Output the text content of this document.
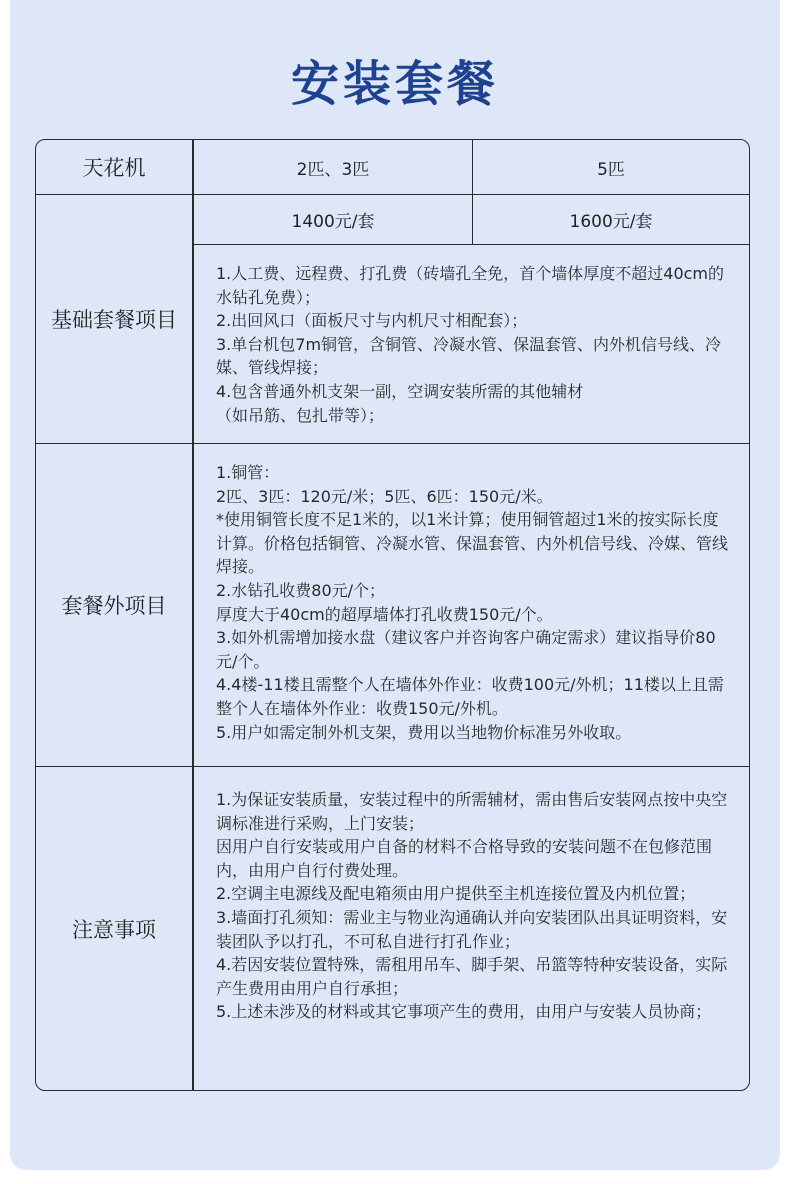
安装套餐
天花机	2匹、3匹	5匹
1400元/套	1600元/套
基础套餐项目
1.人工费、远程费、打孔费（砖墙孔全免，首个墙体厚度不超过40cm的水钻孔免费）；
2.出回风口（面板尺寸与内机尺寸相配套）；
3.单台机包7m铜管，含铜管、冷凝水管、保温套管、内外机信号线、冷媒、管线焊接；
4.包含普通外机支架一副，空调安装所需的其他辅材
（如吊筋、包扎带等）；
套餐外项目
1.铜管：
2匹、3匹：120元/米；5匹、6匹：150元/米。
*使用铜管长度不足1米的，以1米计算；使用铜管超过1米的按实际长度计算。价格包括铜管、冷凝水管、保温套管、内外机信号线、冷媒、管线焊接。
2.水钻孔收费80元/个；
厚度大于40cm的超厚墙体打孔收费150元/个。
3.如外机需增加接水盘（建议客户并咨询客户确定需求）建议指导价80元/个。
4.4楼-11楼且需整个人在墙体外作业：收费100元/外机；11楼以上且需整个人在墙体外作业：收费150元/外机。
5.用户如需定制外机支架，费用以当地物价标准另外收取。
注意事项
1.为保证安装质量，安装过程中的所需辅材，需由售后安装网点按中央空调标准进行采购，上门安装；
因用户自行安装或用户自备的材料不合格导致的安装问题不在包修范围内，由用户自行付费处理。
2.空调主电源线及配电箱须由用户提供至主机连接位置及内机位置；
3.墙面打孔须知：需业主与物业沟通确认并向安装团队出具证明资料，安装团队予以打孔，不可私自进行打孔作业；
4.若因安装位置特殊，需租用吊车、脚手架、吊篮等特种安装设备，实际产生费用由用户自行承担；
5.上述未涉及的材料或其它事项产生的费用，由用户与安装人员协商；
